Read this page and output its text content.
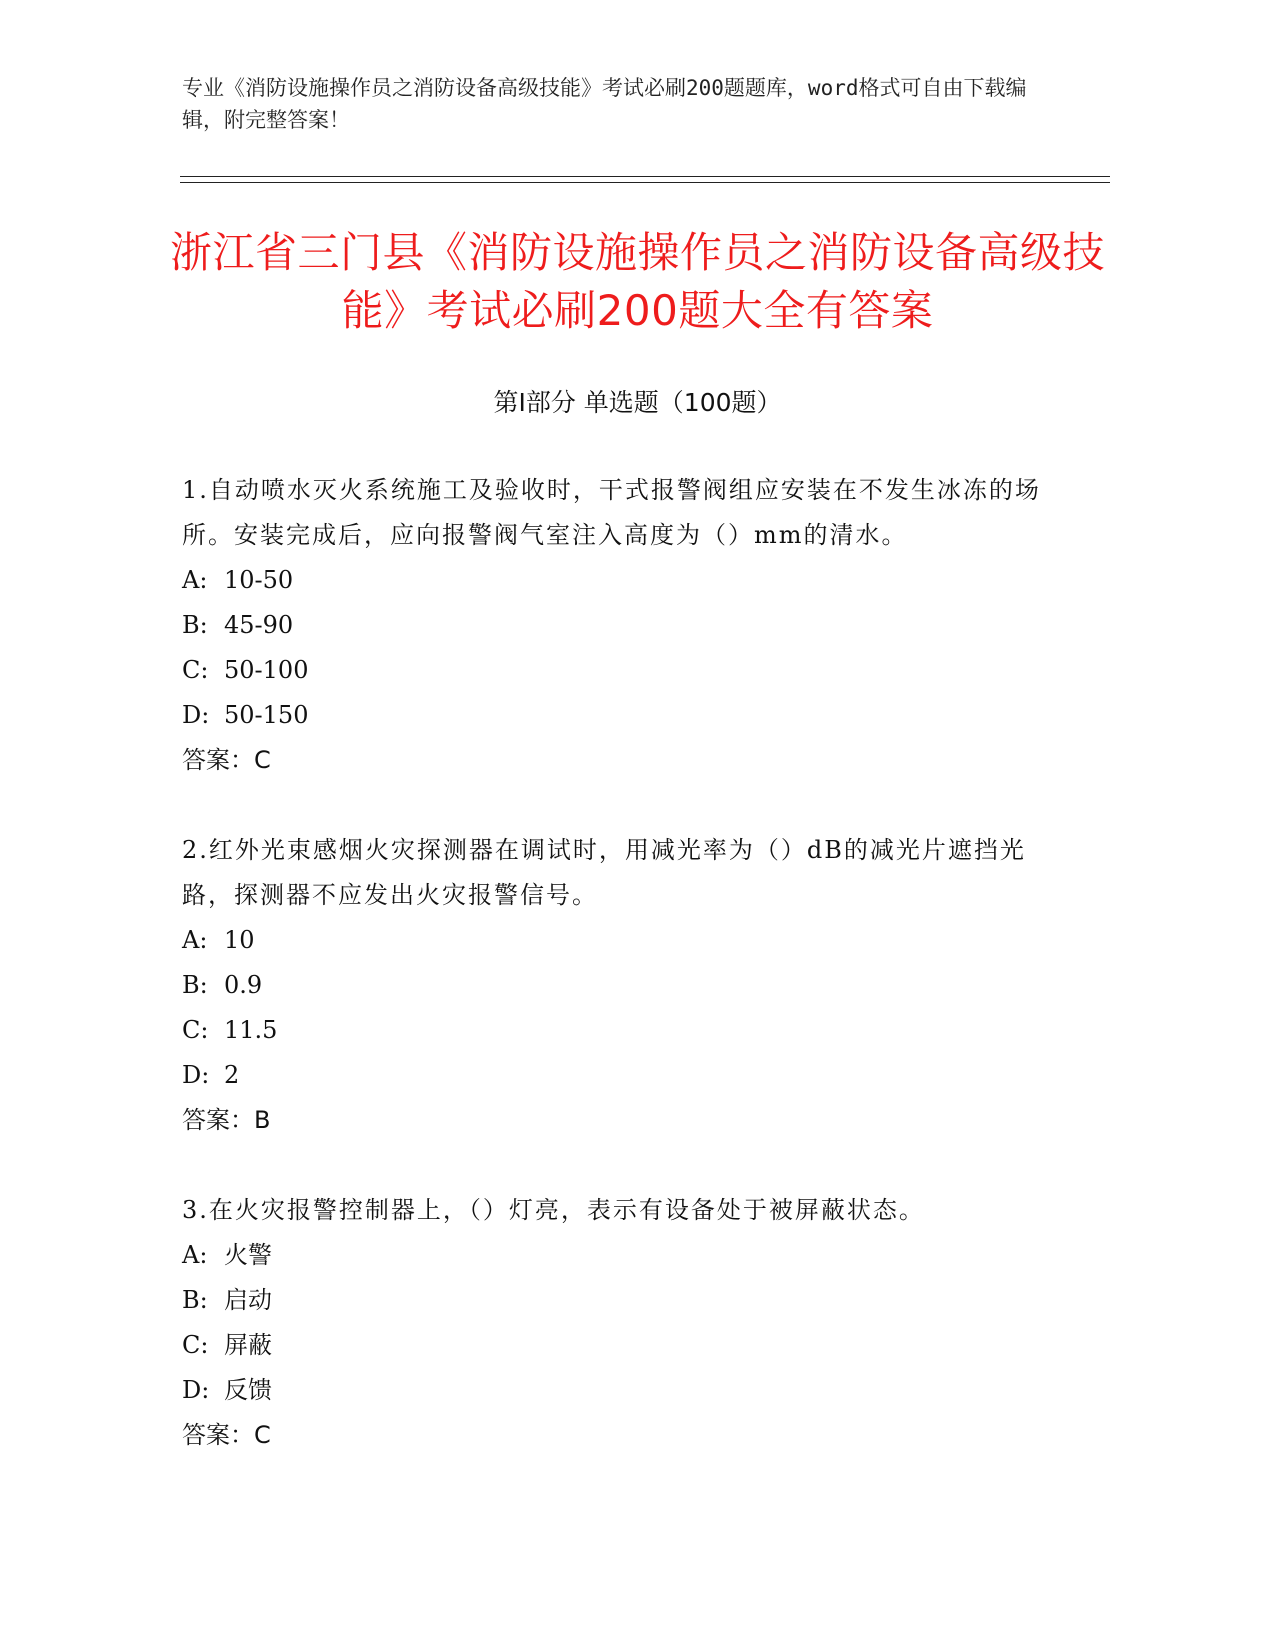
专业《消防设施操作员之消防设备高级技能》考试必刷200题题库，word格式可自由下载编辑，附完整答案！
浙江省三门县《消防设施操作员之消防设备高级技能》考试必刷200题大全有答案
第I部分 单选题（100题）
1.自动喷水灭火系统施工及验收时，干式报警阀组应安装在不发生冰冻的场所。安装完成后，应向报警阀气室注入高度为（）mm的清水。
A: 10-50
B: 45-90
C: 50-100
D: 50-150
答案：C
2.红外光束感烟火灾探测器在调试时，用减光率为（）dB的减光片遮挡光路，探测器不应发出火灾报警信号。
A: 10
B: 0.9
C: 11.5
D: 2
答案：B
3.在火灾报警控制器上，（）灯亮，表示有设备处于被屏蔽状态。
A: 火警
B: 启动
C: 屏蔽
D: 反馈
答案：C
